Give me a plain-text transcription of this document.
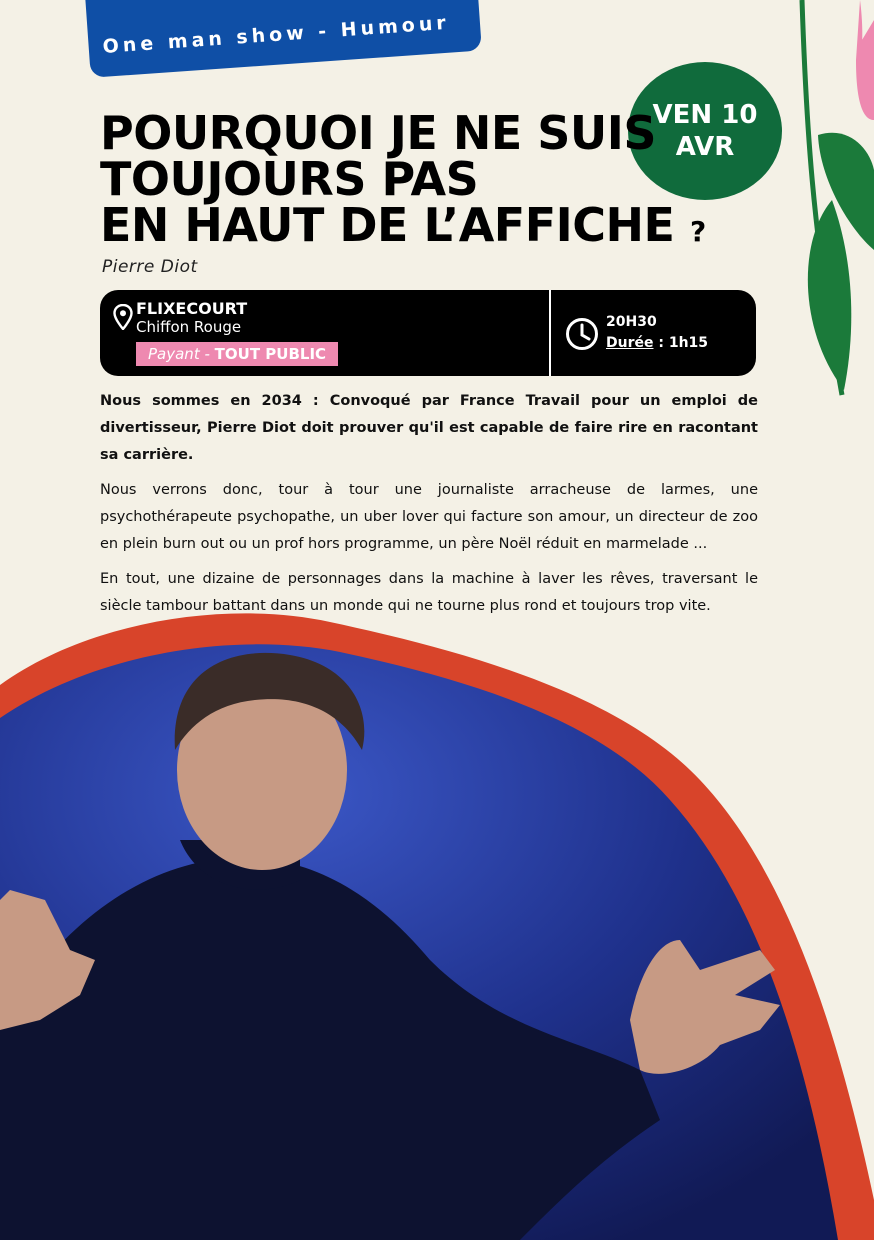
One man show - Humour
VEN 10
AVR
POURQUOI JE NE SUIS
TOUJOURS PAS
EN HAUT DE L’AFFICHE ?
Pierre Diot
FLIXECOURT
Chiffon Rouge
Payant - TOUT PUBLIC
20H30
Durée : 1h15

Nous sommes en 2034 : Convoqué par France Travail pour un emploi de divertisseur, Pierre Diot doit prouver qu'il est capable de faire rire en racontant sa carrière.

Nous verrons donc, tour à tour une journaliste arracheuse de larmes, une psychothérapeute psychopathe, un uber lover qui facture son amour, un directeur de zoo en plein burn out ou un prof hors programme, un père Noël réduit en marmelade ...

En tout, une dizaine de personnages dans la machine à laver les rêves, traversant le siècle tambour battant dans un monde qui ne tourne plus rond et toujours trop vite.
